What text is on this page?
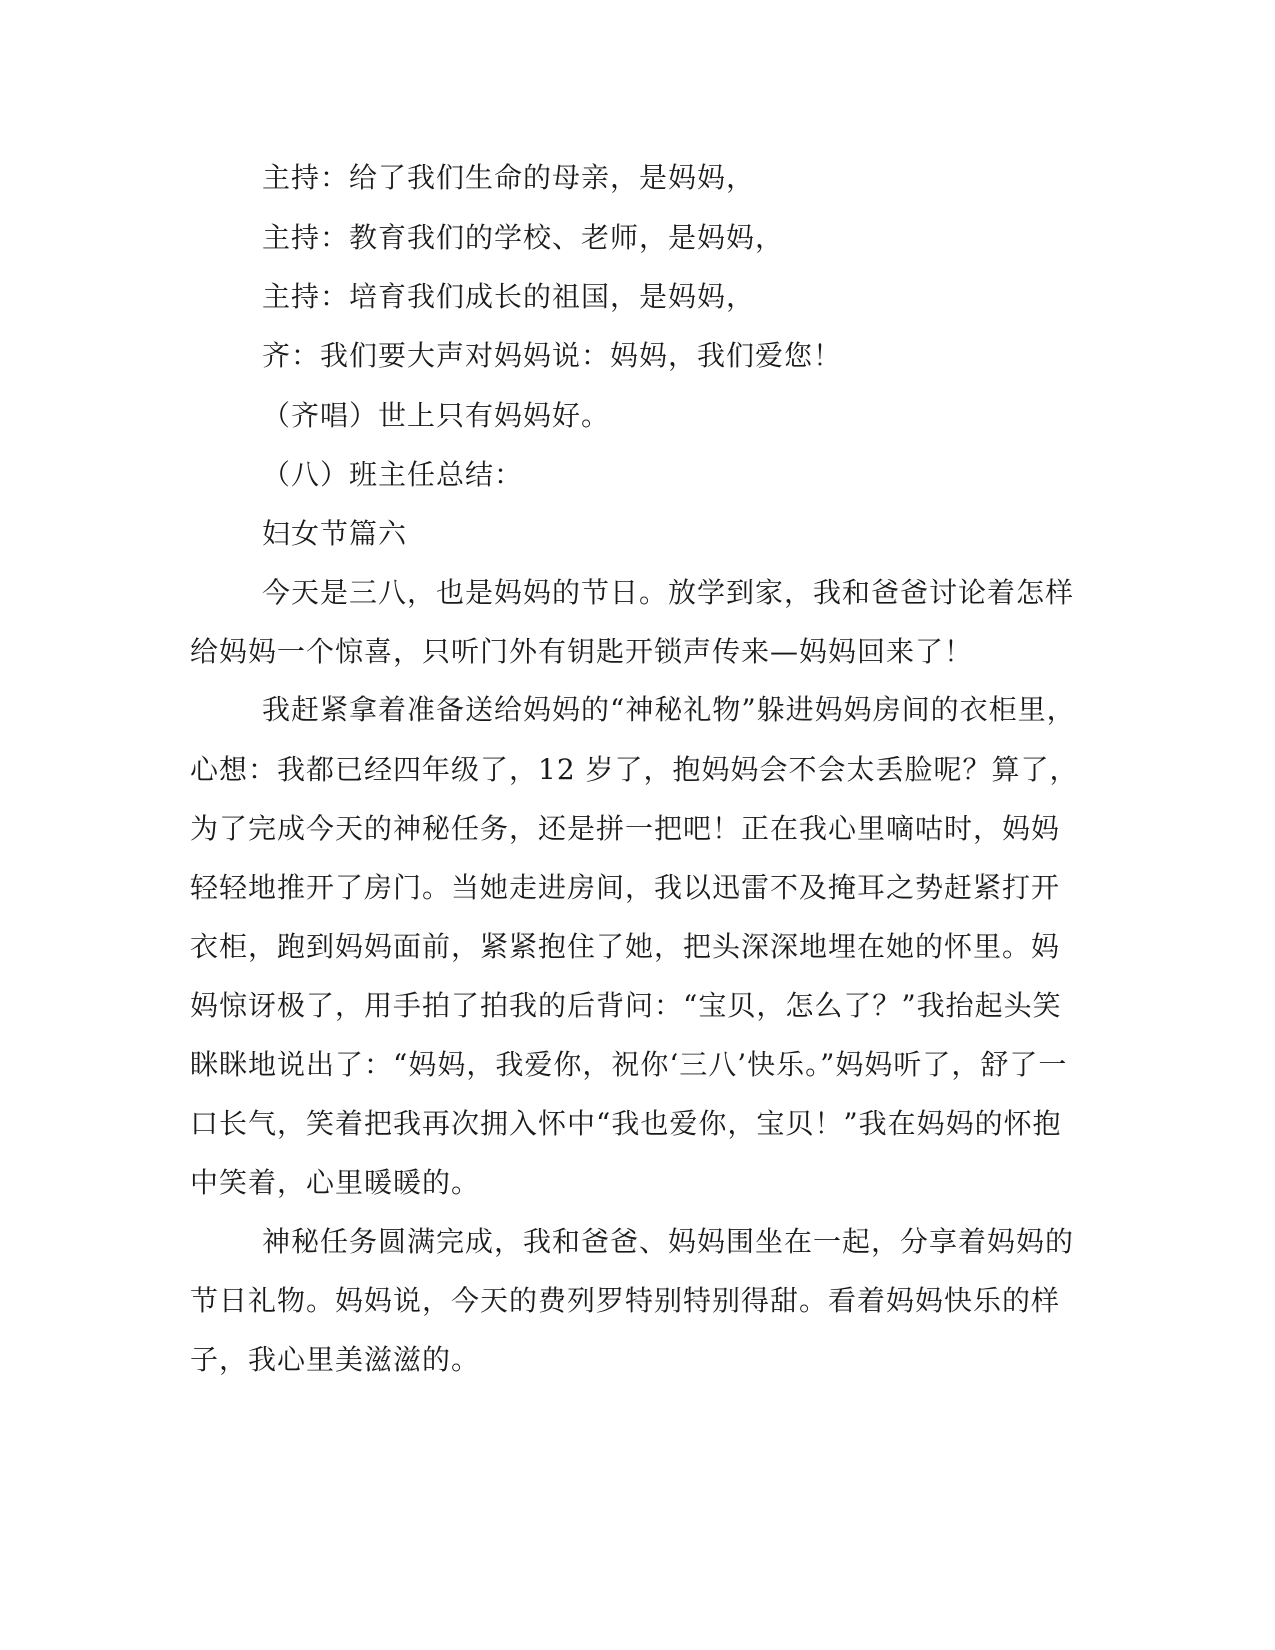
主持：给了我们生命的母亲，是妈妈，
主持：教育我们的学校、老师，是妈妈，
主持：培育我们成长的祖国，是妈妈，
齐：我们要大声对妈妈说：妈妈，我们爱您！
（齐唱）世上只有妈妈好。
（八）班主任总结：
妇女节篇六
今天是三八，也是妈妈的节日。放学到家，我和爸爸讨论着怎样
给妈妈一个惊喜，只听门外有钥匙开锁声传来—妈妈回来了！
我赶紧拿着准备送给妈妈的“神秘礼物”躲进妈妈房间的衣柜里，
心想：我都已经四年级了，12 岁了，抱妈妈会不会太丢脸呢？算了，
为了完成今天的神秘任务，还是拼一把吧！正在我心里嘀咕时，妈妈
轻轻地推开了房门。当她走进房间，我以迅雷不及掩耳之势赶紧打开
衣柜，跑到妈妈面前，紧紧抱住了她，把头深深地埋在她的怀里。妈
妈惊讶极了，用手拍了拍我的后背问：“宝贝，怎么了？”我抬起头笑
眯眯地说出了：“妈妈，我爱你，祝你‘三八’快乐。”妈妈听了，舒了一
口长气，笑着把我再次拥入怀中“我也爱你，宝贝！”我在妈妈的怀抱
中笑着，心里暖暖的。
神秘任务圆满完成，我和爸爸、妈妈围坐在一起，分享着妈妈的
节日礼物。妈妈说，今天的费列罗特别特别得甜。看着妈妈快乐的样
子，我心里美滋滋的。
